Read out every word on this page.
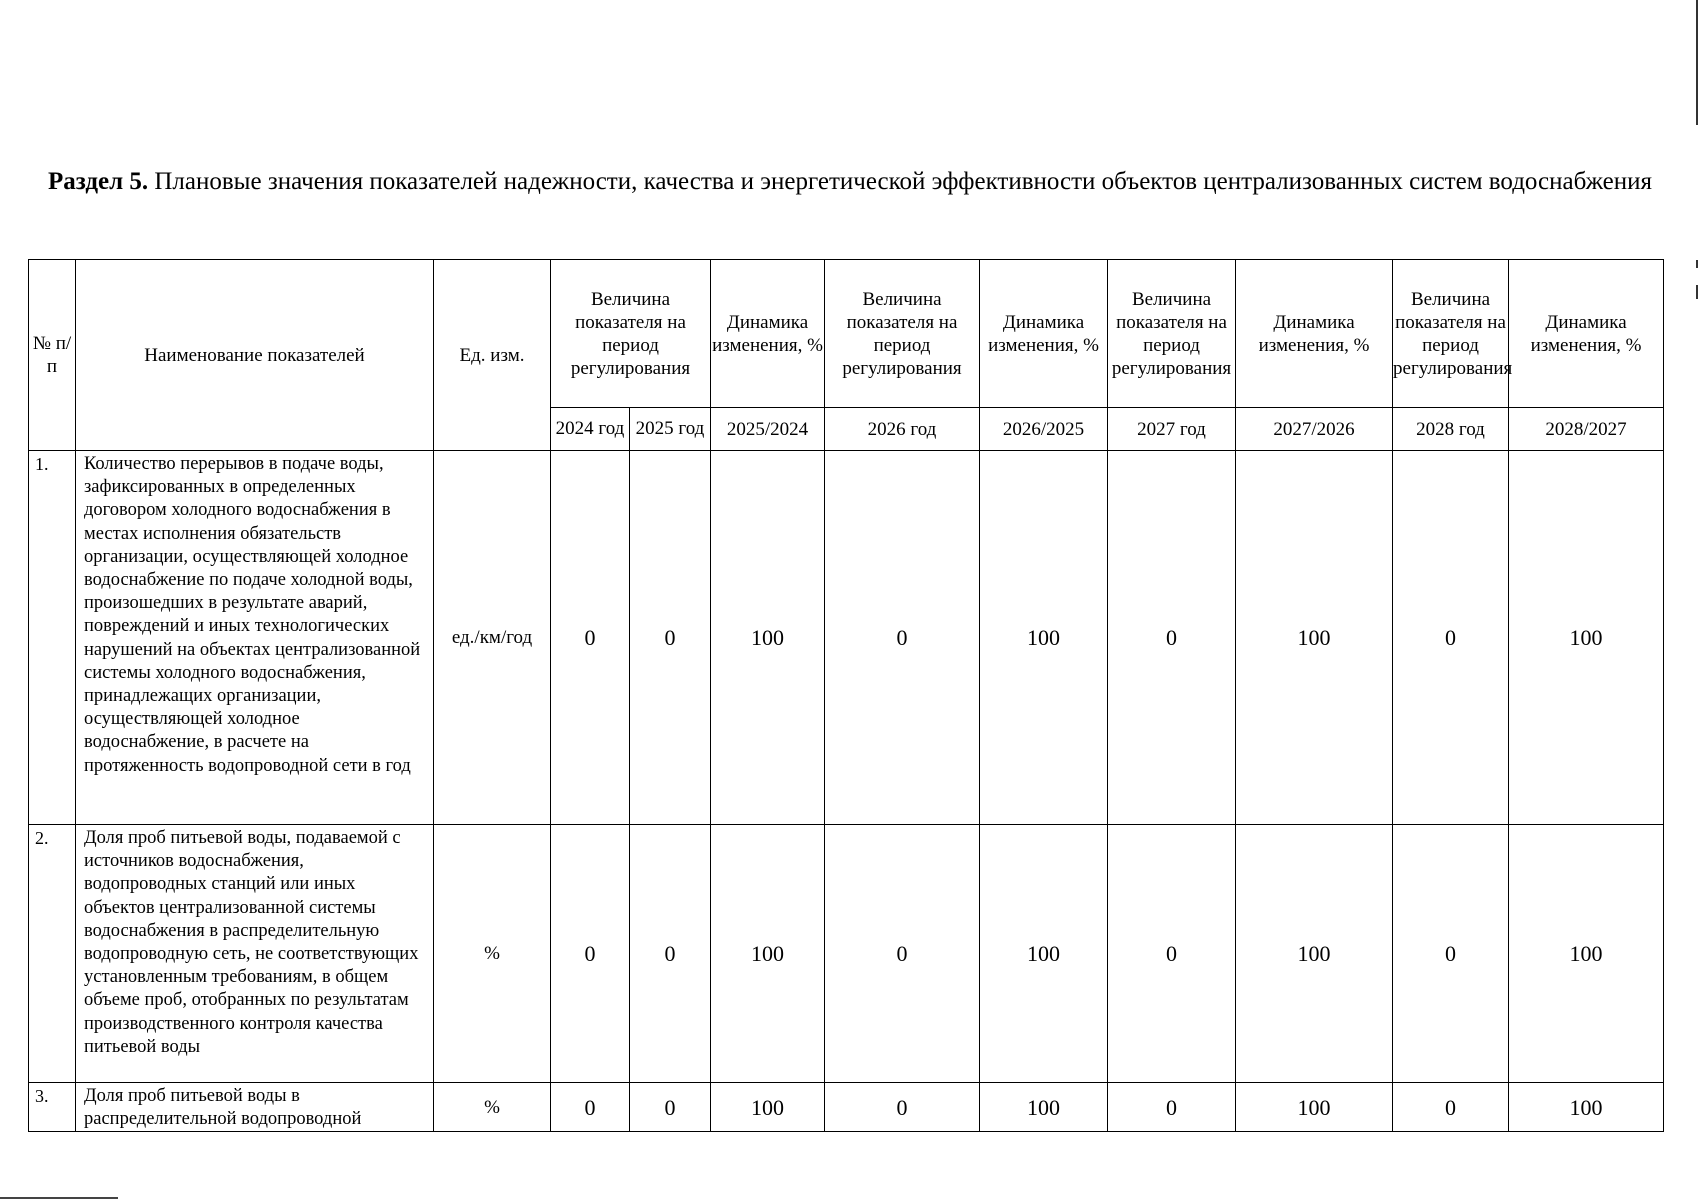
Раздел 5. Плановые значения показателей надежности, качества и энергетической эффективности объектов централизованных систем водоснабжения
№ п/п	Наименование показателей	Ед. изм.	Величина показателя на период регулирования		Динамика изменения, %	Величина показателя на период регулирования	Динамика изменения, %	Величина показателя на период регулирования	Динамика изменения, %	Величина показателя на период регулирования	Динамика изменения, %
			2024 год	2025 год	2025/2024	2026 год	2026/2025	2027 год	2027/2026	2028 год	2028/2027
1.	Количество перерывов в подаче воды, зафиксированных в определенных договором холодного водоснабжения в местах исполнения обязательств организации, осуществляющей холодное водоснабжение по подаче холодной воды, произошедших в результате аварий, повреждений и иных технологических нарушений на объектах централизованной системы холодного водоснабжения, принадлежащих организации, осуществляющей холодное водоснабжение, в расчете на протяженность водопроводной сети в год	ед./км/год	0	0	100	0	100	0	100	0	100
2.	Доля проб питьевой воды, подаваемой с источников водоснабжения, водопроводных станций или иных объектов централизованной системы водоснабжения в распределительную водопроводную сеть, не соответствующих установленным требованиям, в общем объеме проб, отобранных по результатам производственного контроля качества питьевой воды	%	0	0	100	0	100	0	100	0	100
3.	Доля проб питьевой воды в распределительной водопроводной	%	0	0	100	0	100	0	100	0	100
